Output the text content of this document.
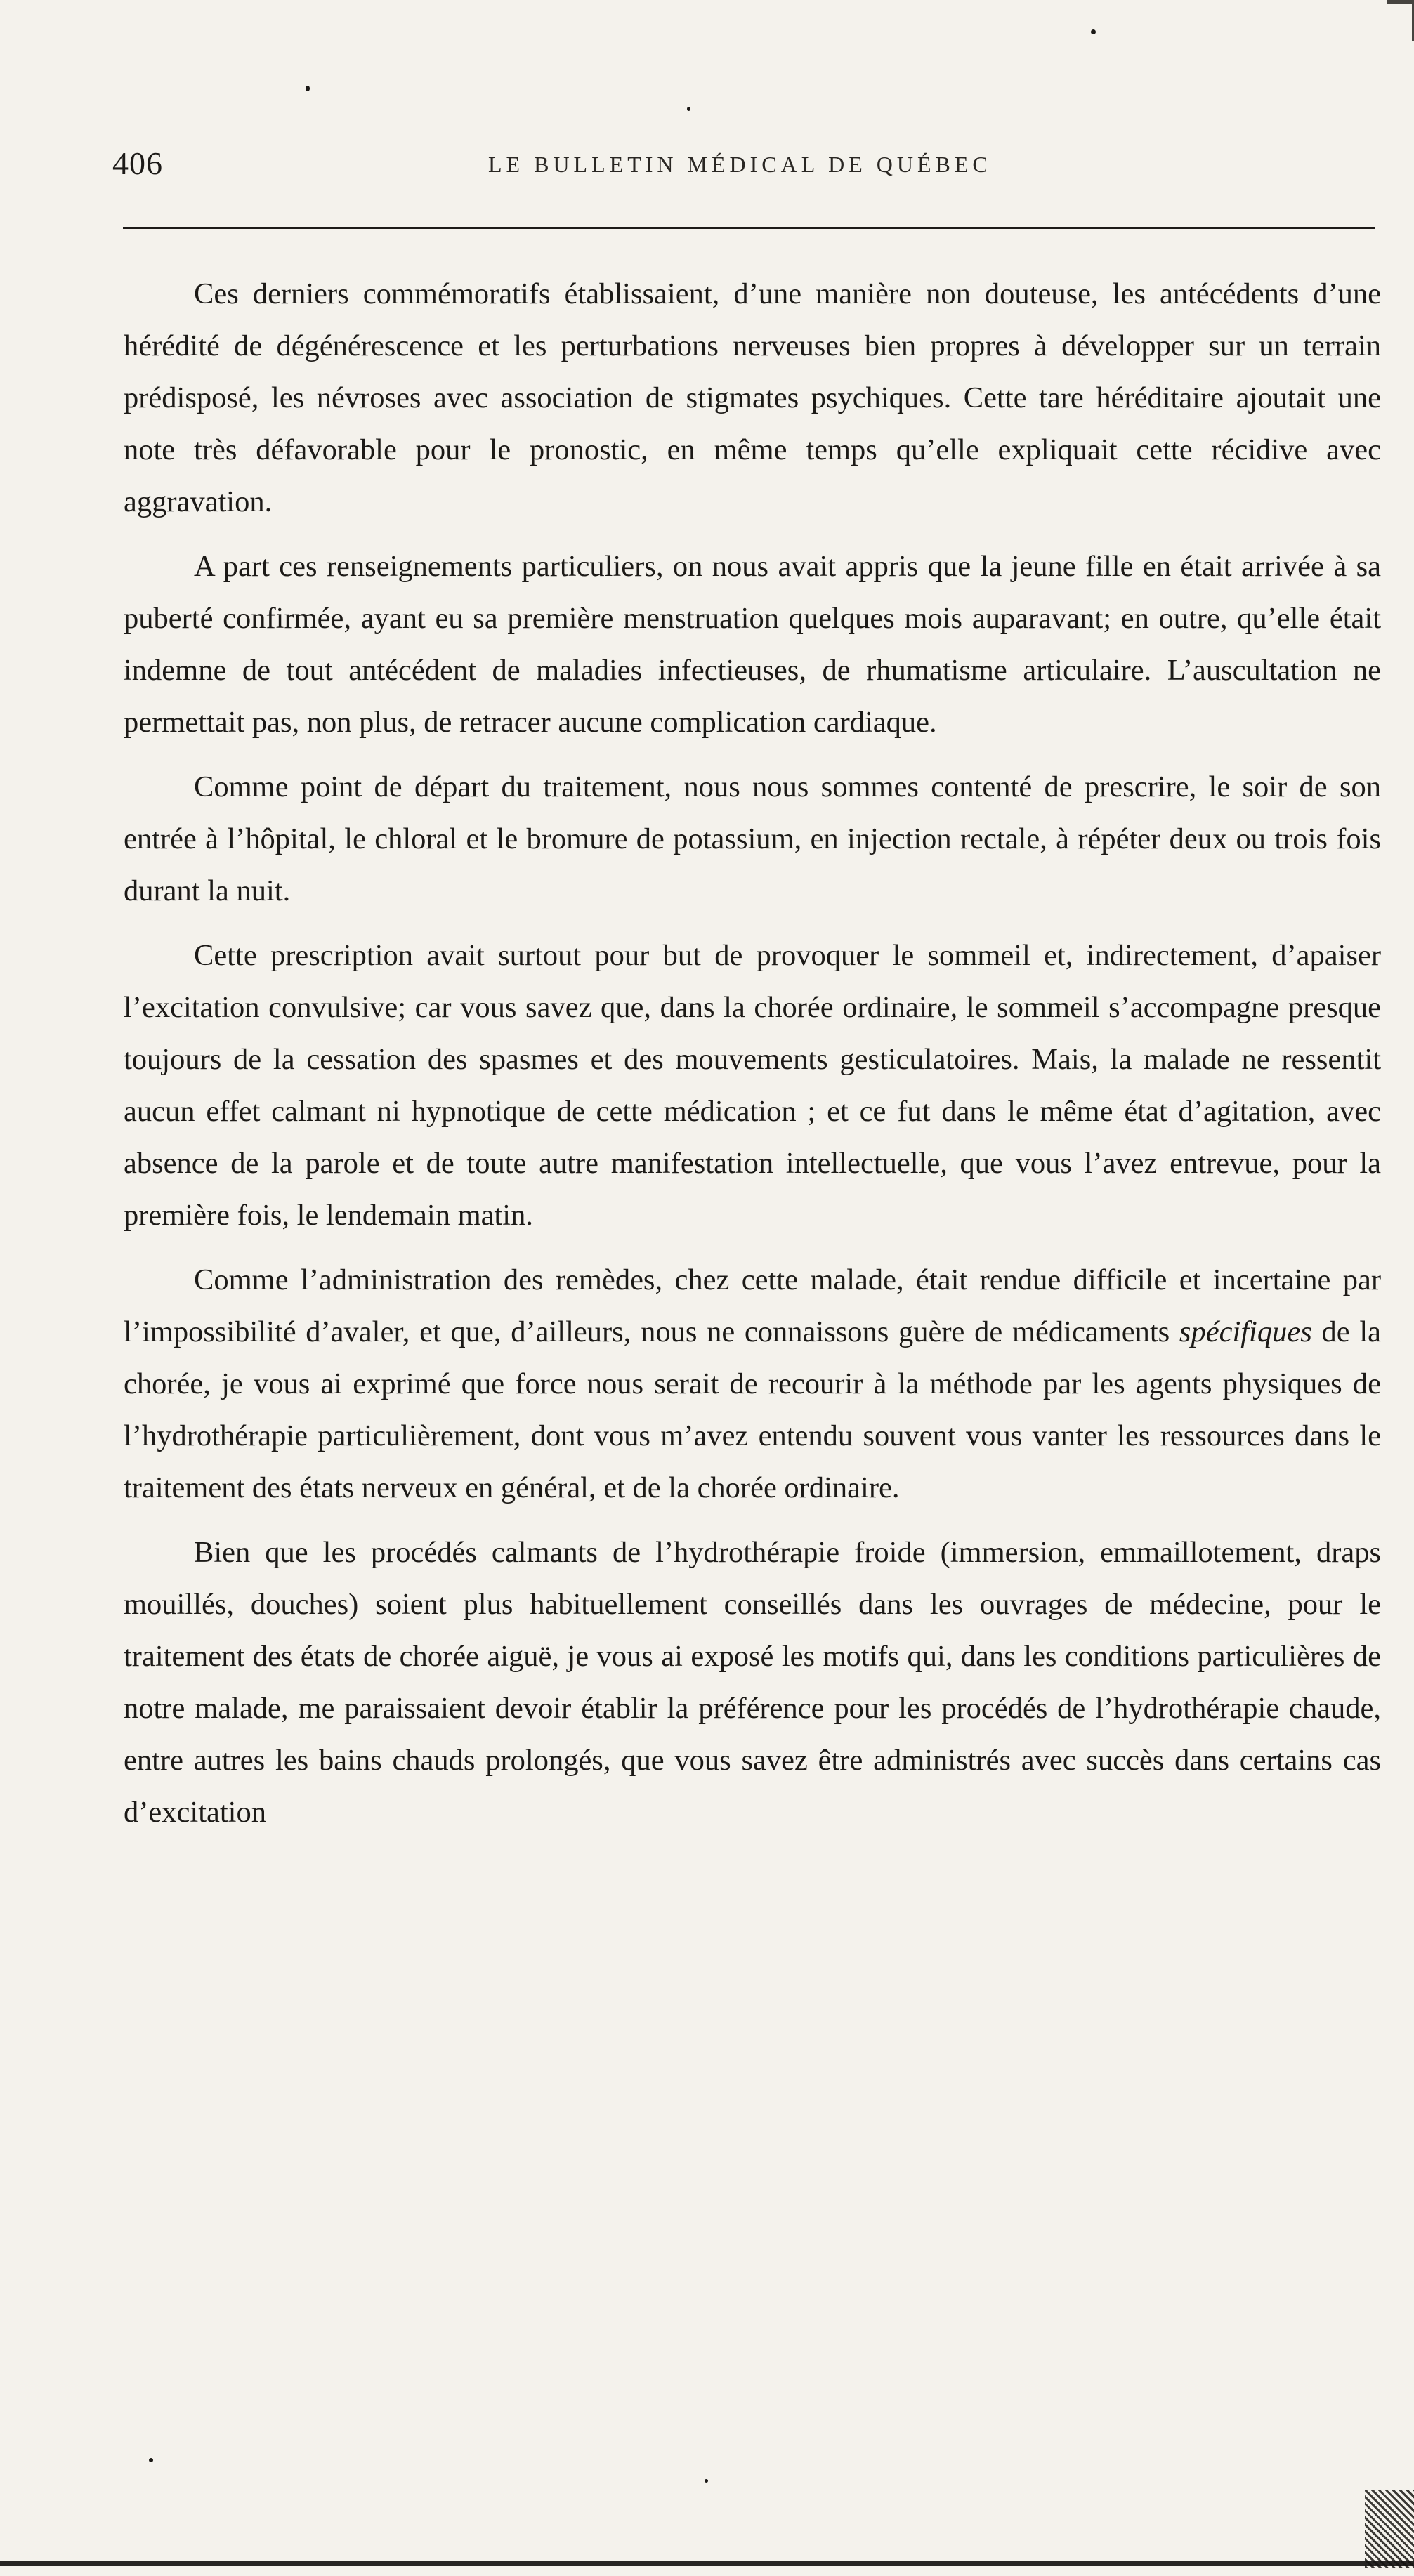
406	LE BULLETIN MÉDICAL DE QUÉBEC

Ces derniers commémoratifs établissaient, d’une manière non douteuse, les antécédents d’une hérédité de dégénérescence et les perturbations nerveuses bien propres à développer sur un terrain prédisposé, les névroses avec association de stigmates psychiques. Cette tare héréditaire ajoutait une note très défavorable pour le pronostic, en même temps qu’elle expliquait cette récidive avec aggravation.

A part ces renseignements particuliers, on nous avait appris que la jeune fille en était arrivée à sa puberté confirmée, ayant eu sa première menstruation quelques mois auparavant; en outre, qu’elle était indemne de tout antécédent de maladies infectieuses, de rhumatisme articulaire. L’auscultation ne permettait pas, non plus, de retracer aucune complication cardiaque.

Comme point de départ du traitement, nous nous sommes contenté de prescrire, le soir de son entrée à l’hôpital, le chloral et le bromure de potassium, en injection rectale, à répéter deux ou trois fois durant la nuit.

Cette prescription avait surtout pour but de provoquer le sommeil et, indirectement, d’apaiser l’excitation convulsive; car vous savez que, dans la chorée ordinaire, le sommeil s’accompagne presque toujours de la cessation des spasmes et des mouvements gesticulatoires. Mais, la malade ne ressentit aucun effet calmant ni hypnotique de cette médication ; et ce fut dans le même état d’agitation, avec absence de la parole et de toute autre manifestation intellectuelle, que vous l’avez entrevue, pour la première fois, le lendemain matin.

Comme l’administration des remèdes, chez cette malade, était rendue difficile et incertaine par l’impossibilité d’avaler, et que, d’ailleurs, nous ne connaissons guère de médicaments spécifiques de la chorée, je vous ai exprimé que force nous serait de recourir à la méthode par les agents physiques de l’hydrothérapie particulièrement, dont vous m’avez entendu souvent vous vanter les ressources dans le traitement des états nerveux en général, et de la chorée ordinaire.

Bien que les procédés calmants de l’hydrothérapie froide (immersion, emmaillotement, draps mouillés, douches) soient plus habituellement conseillés dans les ouvrages de médecine, pour le traitement des états de chorée aiguë, je vous ai exposé les motifs qui, dans les conditions particulières de notre malade, me paraissaient devoir établir la préférence pour les procédés de l’hydrothérapie chaude, entre autres les bains chauds prolongés, que vous savez être administrés avec succès dans certains cas d’excitation
